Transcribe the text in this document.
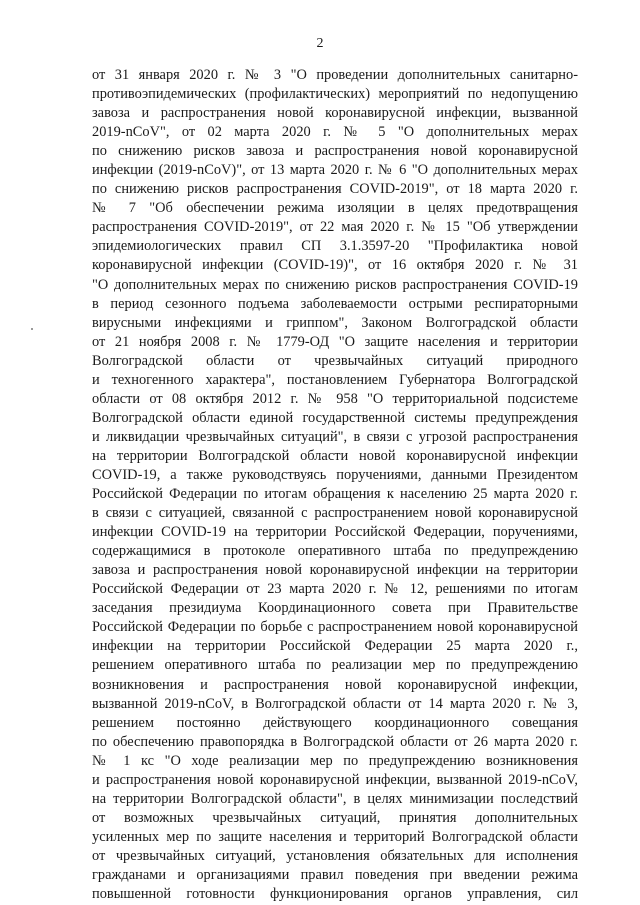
2
от 31 января 2020 г. № 3 "О проведении дополнительных санитарно-
противоэпидемических (профилактических) мероприятий по недопущению
завоза и распространения новой коронавирусной инфекции, вызванной
2019-nCoV", от 02 марта 2020 г. № 5 "О дополнительных мерах
по снижению рисков завоза и распространения новой коронавирусной
инфекции (2019-nCoV)", от 13 марта 2020 г. № 6 "О дополнительных мерах
по снижению рисков распространения COVID-2019", от 18 марта 2020 г.
№ 7 "Об обеспечении режима изоляции в целях предотвращения
распространения COVID-2019", от 22 мая 2020 г. № 15 "Об утверждении
эпидемиологических правил СП 3.1.3597-20 "Профилактика новой
коронавирусной инфекции (COVID-19)", от 16 октября 2020 г. № 31
"О дополнительных мерах по снижению рисков распространения COVID-19
в период сезонного подъема заболеваемости острыми респираторными
вирусными инфекциями и гриппом", Законом Волгоградской области
от 21 ноября 2008 г. № 1779-ОД "О защите населения и территории
Волгоградской области от чрезвычайных ситуаций природного
и техногенного характера", постановлением Губернатора Волгоградской
области от 08 октября 2012 г. № 958 "О территориальной подсистеме
Волгоградской области единой государственной системы предупреждения
и ликвидации чрезвычайных ситуаций", в связи с угрозой распространения
на территории Волгоградской области новой коронавирусной инфекции
COVID-19, а также руководствуясь поручениями, данными Президентом
Российской Федерации по итогам обращения к населению 25 марта 2020 г.
в связи с ситуацией, связанной с распространением новой коронавирусной
инфекции COVID-19 на территории Российской Федерации, поручениями,
содержащимися в протоколе оперативного штаба по предупреждению
завоза и распространения новой коронавирусной инфекции на территории
Российской Федерации от 23 марта 2020 г. № 12, решениями по итогам
заседания президиума Координационного совета при Правительстве
Российской Федерации по борьбе с распространением новой коронавирусной
инфекции на территории Российской Федерации 25 марта 2020 г.,
решением оперативного штаба по реализации мер по предупреждению
возникновения и распространения новой коронавирусной инфекции,
вызванной 2019-nCoV, в Волгоградской области от 14 марта 2020 г. № 3,
решением постоянно действующего координационного совещания
по обеспечению правопорядка в Волгоградской области от 26 марта 2020 г.
№ 1 кс "О ходе реализации мер по предупреждению возникновения
и распространения новой коронавирусной инфекции, вызванной 2019-nCoV,
на территории Волгоградской области", в целях минимизации последствий
от возможных чрезвычайных ситуаций, принятия дополнительных
усиленных мер по защите населения и территорий Волгоградской области
от чрезвычайных ситуаций, установления обязательных для исполнения
гражданами и организациями правил поведения при введении режима
повышенной готовности функционирования органов управления, сил
